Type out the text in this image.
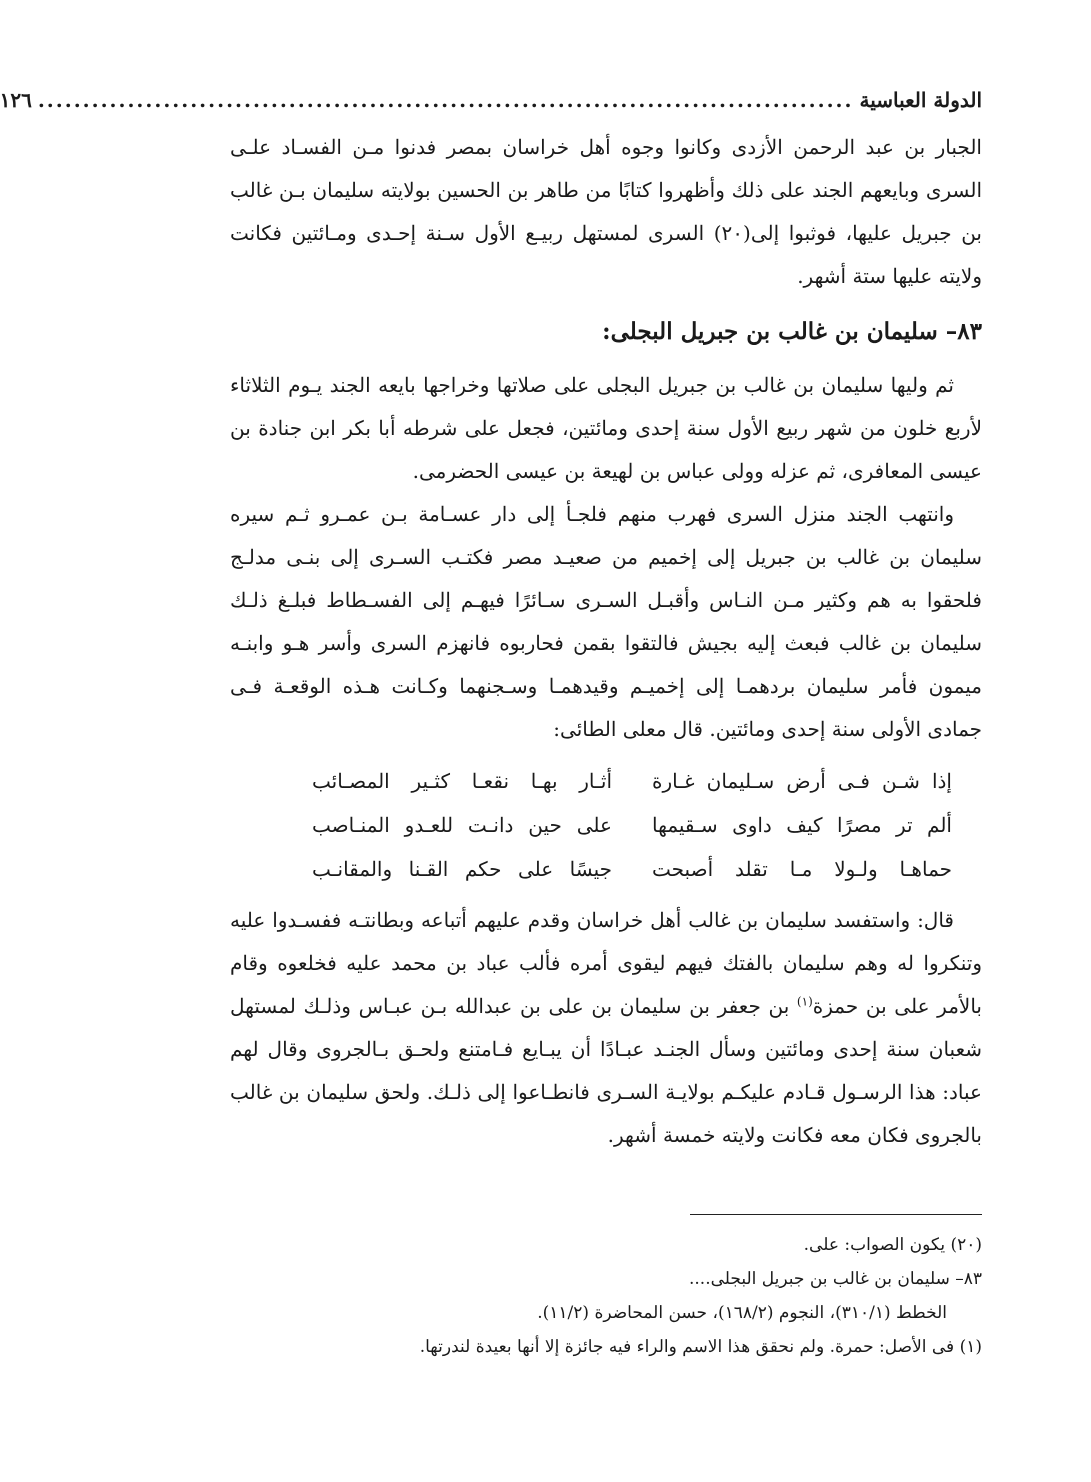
الدولة العباسية
...........................................................................................
١٢٦

الجبار بن عبد الرحمن الأزدى وكانوا وجوه أهل خراسان بمصر فدنوا مـن الفسـاد علـى السرى وبايعهم الجند على ذلك وأظهروا كتابًا من طاهر بن الحسين بولايته سليمان بـن غالب بن جبريل عليها، فوثبوا إلى(٢٠) السرى لمستهل ربيـع الأول سـنة إحـدى ومـائتين فكانت ولايته عليها ستة أشهر.

٨٣– سليمان بن غالب بن جبريل البجلى:

ثم وليها سليمان بن غالب بن جبريل البجلى على صلاتها وخراجها بايعه الجند يـوم الثلاثاء لأربع خلون من شهر ربيع الأول سنة إحدى ومائتين، فجعل على شرطه أبا بكر ابن جنادة بن عيسى المعافرى، ثم عزله وولى عباس بن لهيعة بن عيسى الحضرمى.

وانتهب الجند منزل السرى فهرب منهم فلجـأ إلى دار عسـامة بـن عمـرو ثـم سيره سليمان بن غالب بن جبريل إلى إخميم من صعيـد مصر فكتـب السـرى إلى بنـى مدلـج فلحقوا به هم وكثير مـن النـاس وأقبـل السـرى سـائرًا فيهـم إلى الفسـطاط فبلـغ ذلـك سليمان بن غالب فبعث إليه بجيش فالتقوا بقمن فحاربوه فانهزم السرى وأسر هـو وابنـه ميمون فأمر سليمان بردهمـا إلى إخميـم وقيدهمـا وسـجنهما وكـانت هـذه الوقعـة فـى جمادى الأولى سنة إحدى ومائتين. قال معلى الطائى:

إذا شـن فـى أرض سـليمان غـارة
أثـار بهـا نقعـا كثـير المصـائب
ألم تر مصرًا كيف داوى سـقيمها
على حين دانـت للعـدو المنـاصب
حماهـا ولـولا مـا تقلد أصبحت
جيسًا على حكم القـنا والمقانـب

قال: واستفسد سليمان بن غالب أهل خراسان وقدم عليهم أتباعه وبطانتـه ففسـدوا عليه وتنكروا له وهم سليمان بالفتك فيهم ليقوى أمره فألب عباد بن محمد عليه فخلعوه وقام بالأمر على بن حمزة$^{(١)}$ بن جعفر بن سليمان بن على بن عبدالله بـن عبـاس وذلـك لمستهل شعبان سنة إحدى ومائتين وسأل الجنـد عبـادًا أن يبـايع فـامتنع ولحـق بـالجروى وقال لهم عباد: هذا الرسـول قـادم عليكـم بولايـة السـرى فانطـاعوا إلى ذلـك. ولحق سليمان بن غالب بالجروى فكان معه فكانت ولايته خمسة أشهر.

(٢٠) يكون الصواب: على.
٨٣– سليمان بن غالب بن جبريل البجلى....
الخطط (٣١٠/١)، النجوم (١٦٨/٢)، حسن المحاضرة (١١/٢).
(١) فى الأصل: حمرة. ولم نحقق هذا الاسم والراء فيه جائزة إلا أنها بعيدة لندرتها.
